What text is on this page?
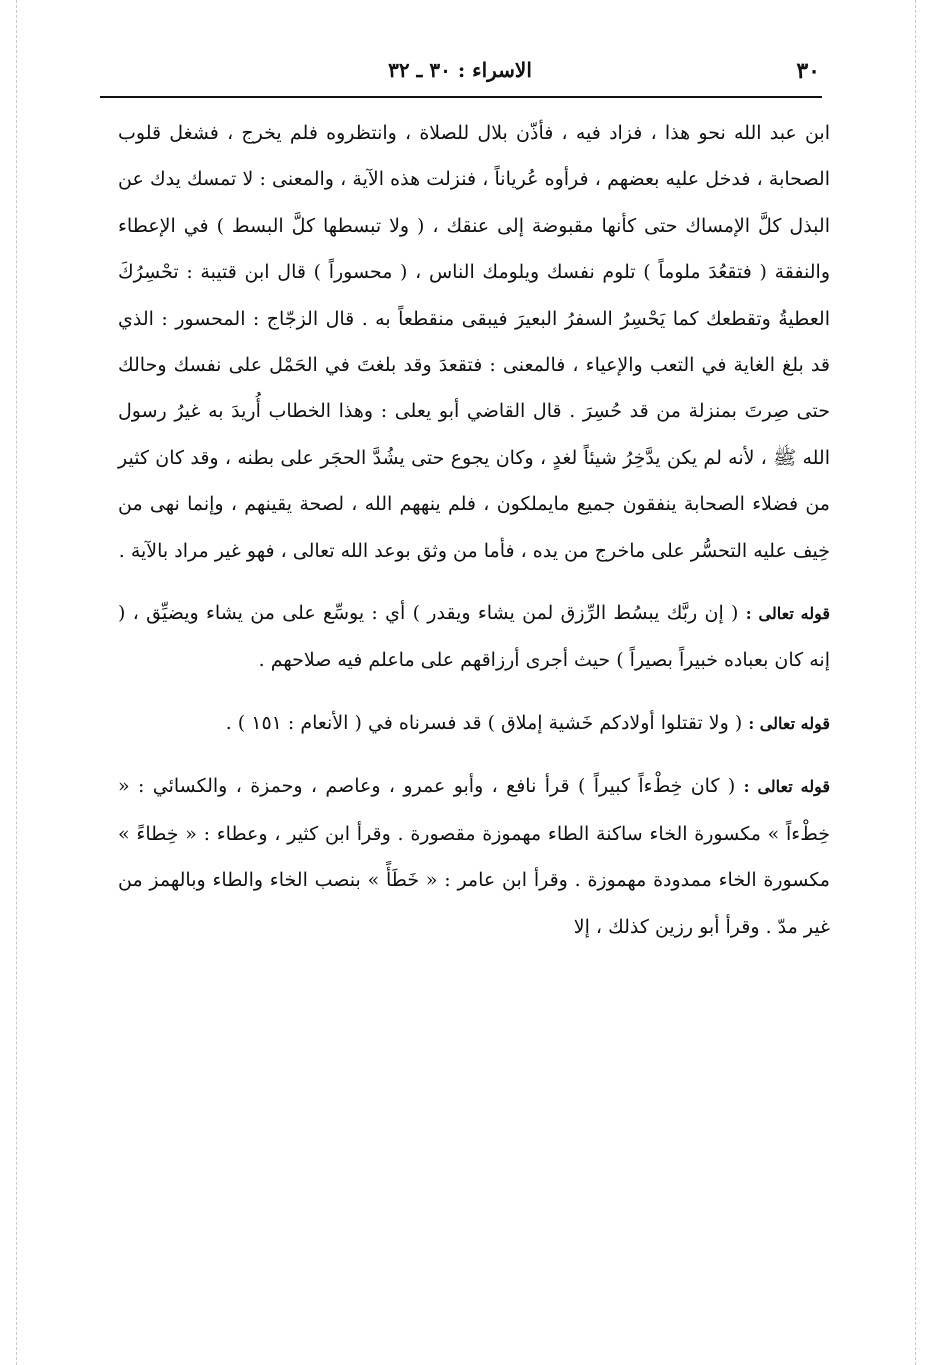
٣٠
الاسراء : ٣٠ ـ ٣٢

ابن عبد الله نحو هذا ، فزاد فيه ، فأذّن بلال للصلاة ، وانتظروه فلم يخرج ، فشغل قلوب الصحابة ، فدخل عليه بعضهم ، فرأوه عُرياناً ، فنزلت هذه الآية ، والمعنى : لا تمسك يدك عن البذل كلَّ الإمساك حتى كأنها مقبوضة إلى عنقك ، ( ولا تبسطها كلَّ البسط ) في الإعطاء والنفقة ( فتقعُدَ ملوماً ) تلوم نفسك ويلومك الناس ، ( محسوراً ) قال ابن قتيبة : تحْسِرُكَ العطيةُ وتقطعك كما يَحْسِرُ السفرُ البعيرَ فيبقى منقطعاً به . قال الزجّاج : المحسور : الذي قد بلغ الغاية في التعب والإعياء ، فالمعنى : فتقعدَ وقد بلغتَ في الحَمْل على نفسك وحالك حتى صِرتَ بمنزلة من قد حُسِرَ . قال القاضي أبو يعلى : وهذا الخطاب أُريدَ به غيرُ رسول الله ﷺ ، لأنه لم يكن يدَّخِرُ شيئاً لغدٍ ، وكان يجوع حتى يشُدَّ الحجَر على بطنه ، وقد كان كثير من فضلاء الصحابة ينفقون جميع مايملكون ، فلم ينههم الله ، لصحة يقينهم ، وإنما نهى من خِيف عليه التحسُّر على ماخرج من يده ، فأما من وثق بوعد الله تعالى ، فهو غير مراد بالآية .

قوله تعالى : ( إن ربَّك يبسُط الرِّزق لمن يشاء ويقدر ) أي : يوسِّع على من يشاء ويضيِّق ، ( إنه كان بعباده خبيراً بصيراً ) حيث أجرى أرزاقهم على ماعلم فيه صلاحهم .

قوله تعالى : ( ولا تقتلوا أولادكم خَشية إملاق ) قد فسرناه في ( الأنعام : ١٥١ ) .

قوله تعالى : ( كان خِطْءاً كبيراً ) قرأ نافع ، وأبو عمرو ، وعاصم ، وحمزة ، والكسائي : « خِطْءاً » مكسورة الخاء ساكنة الطاء مهموزة مقصورة . وقرأ ابن كثير ، وعطاء : « خِطاءً » مكسورة الخاء ممدودة مهموزة . وقرأ ابن عامر : « خَطَأً » بنصب الخاء والطاء وبالهمز من غير مدّ . وقرأ أبو رزين كذلك ، إلا
